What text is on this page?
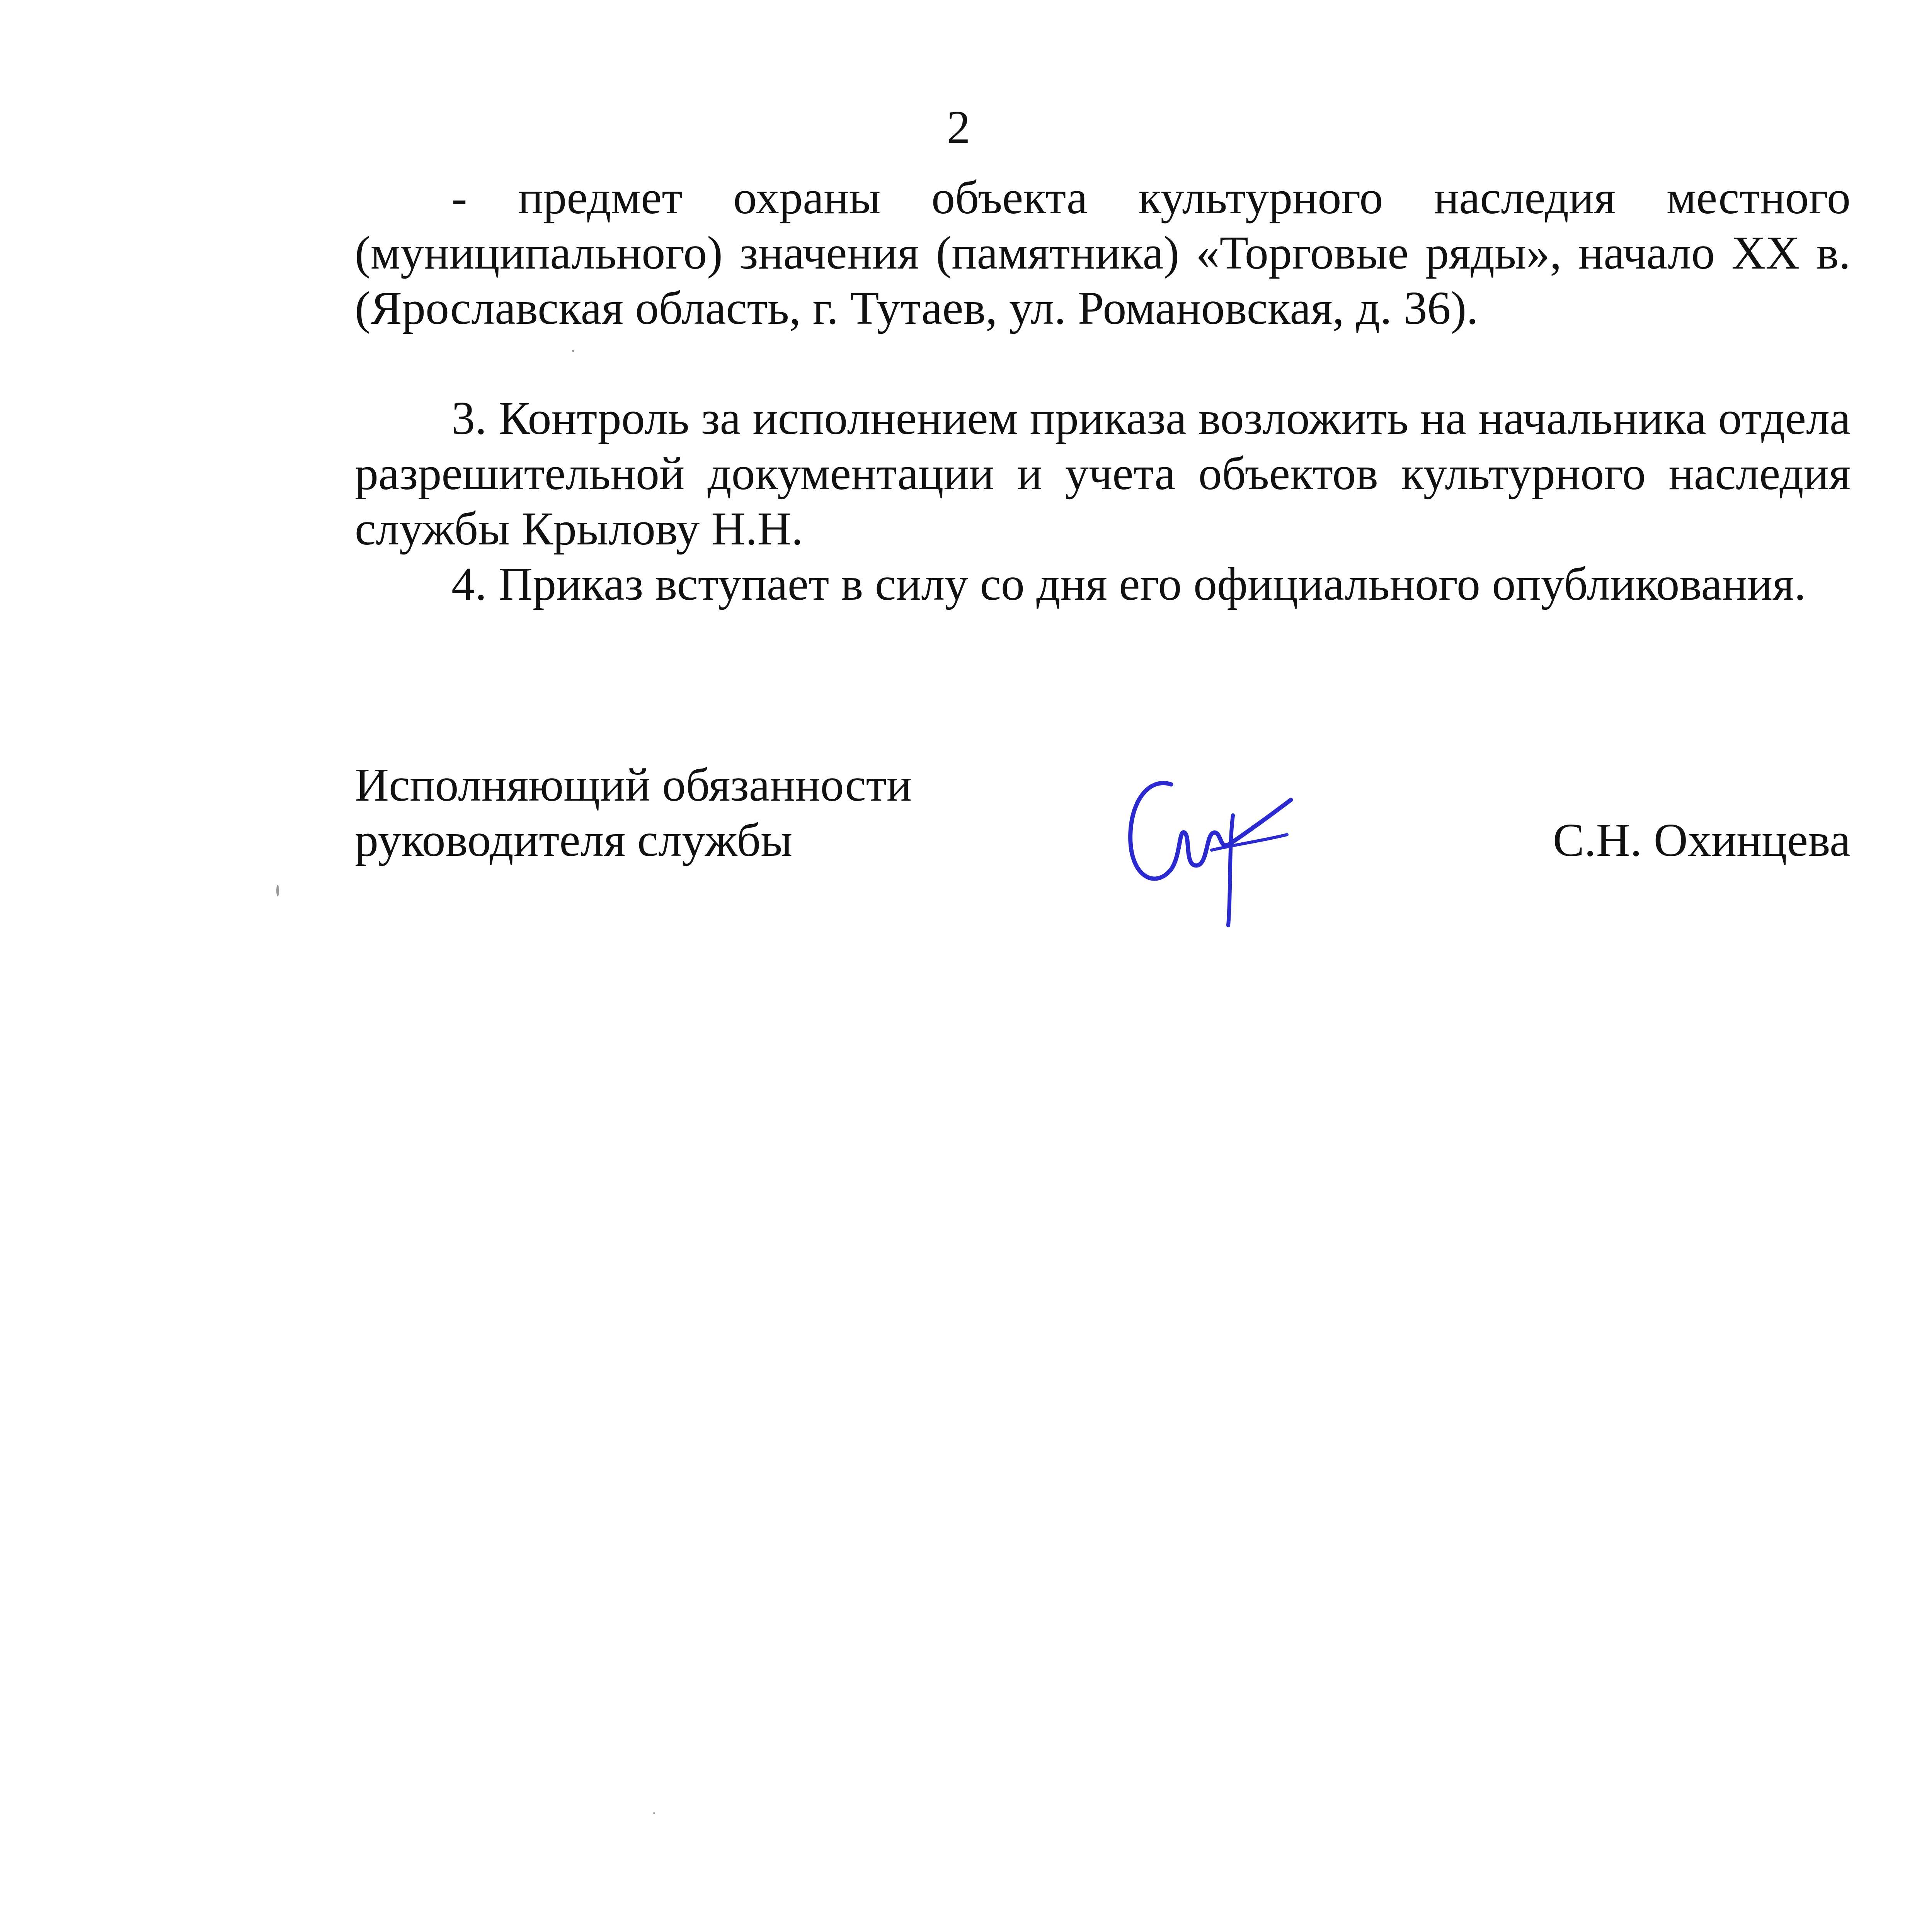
2

- предмет охраны объекта культурного наследия местного (муниципального) значения (памятника) «Торговые ряды», начало XX в. (Ярославская область, г. Тутаев, ул. Романовская, д. 36).

3. Контроль за исполнением приказа возложить на начальника отдела разрешительной документации и учета объектов культурного наследия службы Крылову Н.Н.

4. Приказ вступает в силу со дня его официального опубликования.

Исполняющий обязанности
руководителя службы	С.Н. Охинцева
